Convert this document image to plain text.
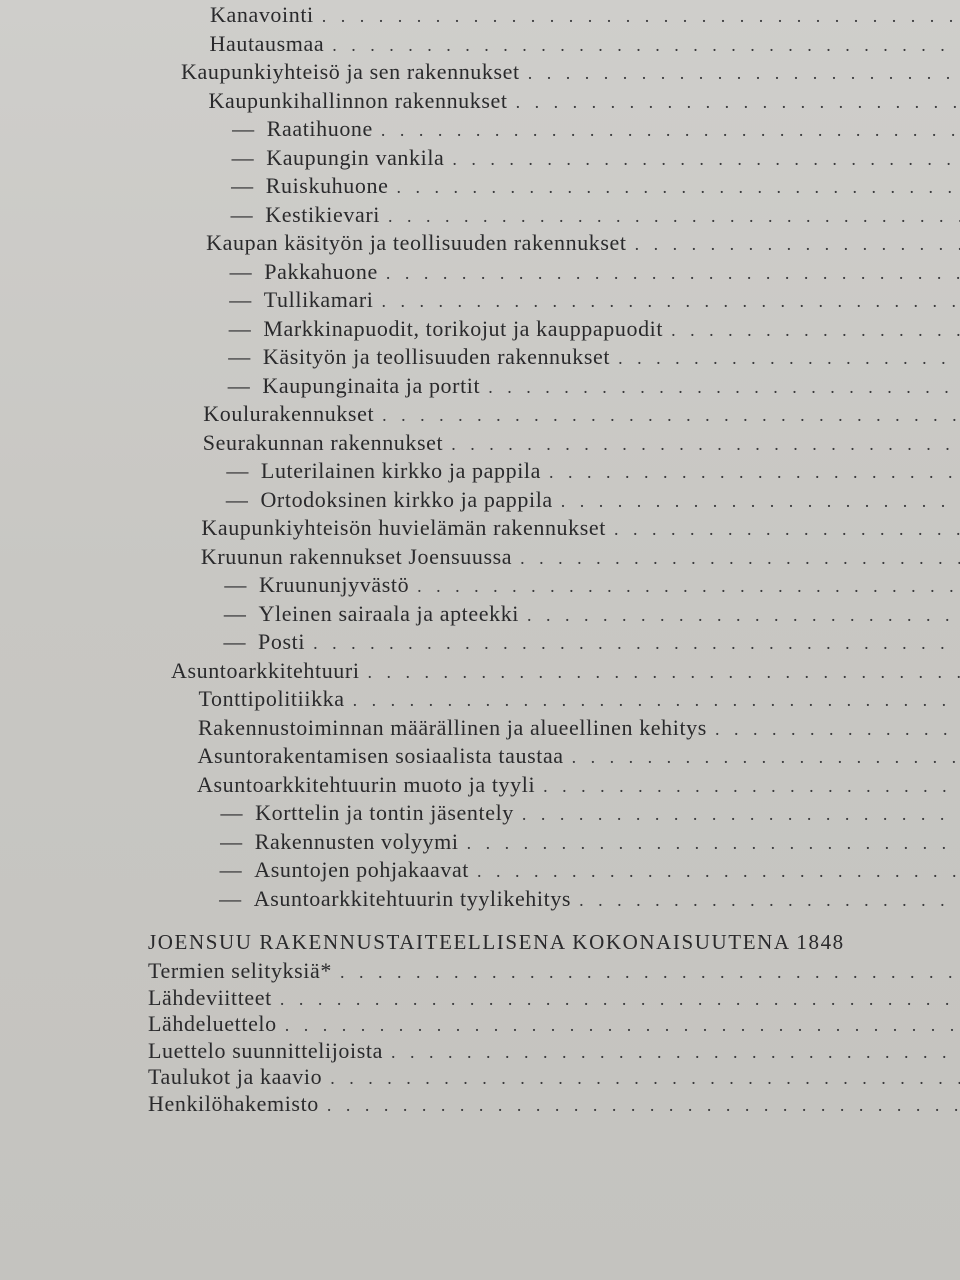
Kanavointi
. . .
Hautausmaa
. . .
Kaupunkiyhteisö ja sen rakennukset
. . .
Kaupunkihallinnon rakennukset
. . .
— Raatihuone
. . .
— Kaupungin vankila
. . .
— Ruiskuhuone
. . .
— Kestikievari
. . .
Kaupan käsityön ja teollisuuden rakennukset
. . .
— Pakkahuone
. . .
— Tullikamari
. . .
— Markkinapuodit, torikojut ja kauppapuodit
. . .
— Käsityön ja teollisuuden rakennukset
. . .
— Kaupunginaita ja portit
. . .
Koulurakennukset
. . .
Seurakunnan rakennukset
. . .
— Luterilainen kirkko ja pappila
. . .
— Ortodoksinen kirkko ja pappila
. . .
Kaupunkiyhteisön huvielämän rakennukset
. . .
Kruunun rakennukset Joensuussa
. . .
— Kruununjyvästö
. . .
— Yleinen sairaala ja apteekki
. . .
— Posti
. . .
Asuntoarkkitehtuuri
. . .
Tonttipolitiikka
. . .
Rakennustoiminnan määrällinen ja alueellinen kehitys
. . .
Asuntorakentamisen sosiaalista taustaa
. . .
Asuntoarkkitehtuurin muoto ja tyyli
. . .
— Korttelin ja tontin jäsentely
. . .
— Rakennusten volyymi
. . .
— Asuntojen pohjakaavat
. . .
— Asuntoarkkitehtuurin tyylikehitys
. . .
Termien selityksiä*
. . .
Lähdeviitteet
. . .
Lähdeluettelo
. . .
Luettelo suunnittelijoista
. . .
Taulukot ja kaavio
. . .
Henkilöhakemisto
. . .
JOENSUU RAKENNUSTAITEELLISENA KOKONAISUUTENA 1848
